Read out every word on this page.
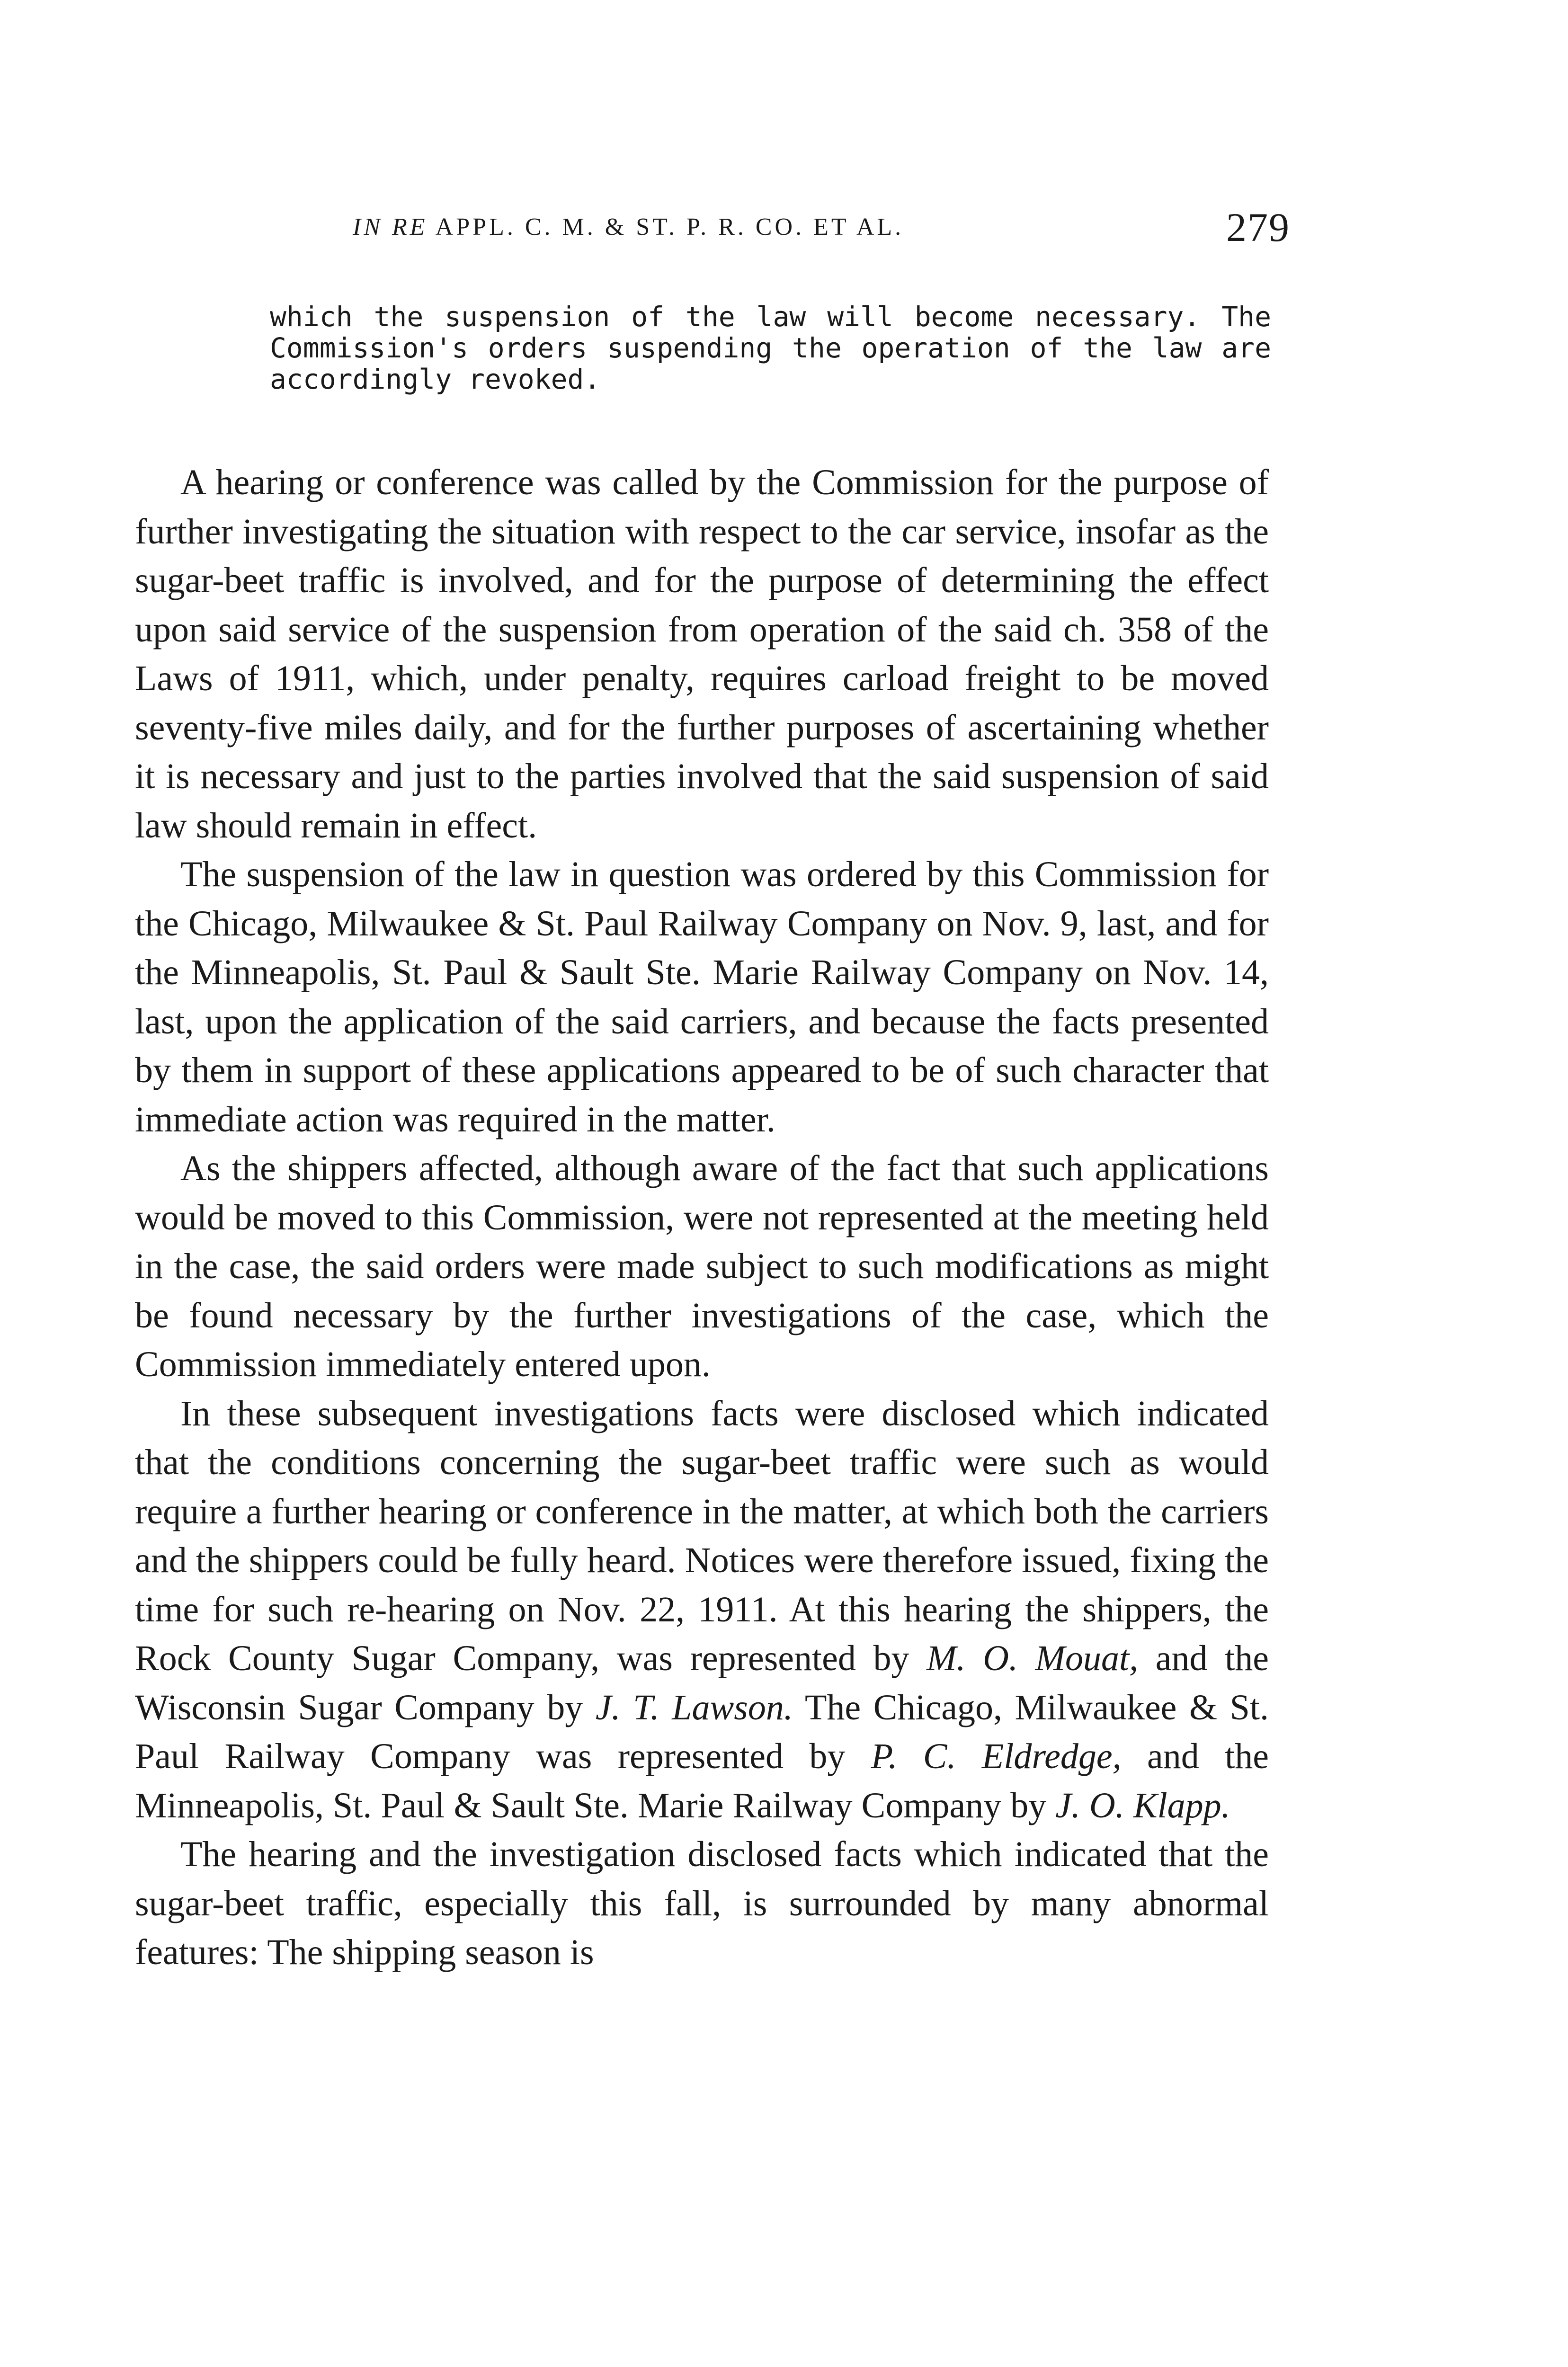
IN RE APPL. C. M. & ST. P. R. CO. ET AL.	279

which the suspension of the law will become necessary. The Commission's orders suspending the operation of the law are accordingly revoked.

A hearing or conference was called by the Commission for the purpose of further investigating the situation with respect to the car service, insofar as the sugar-beet traffic is involved, and for the purpose of determining the effect upon said service of the suspension from operation of the said ch. 358 of the Laws of 1911, which, under penalty, requires carload freight to be moved seventy-five miles daily, and for the further purposes of ascertaining whether it is necessary and just to the parties involved that the said suspension of said law should remain in effect.

The suspension of the law in question was ordered by this Commission for the Chicago, Milwaukee & St. Paul Railway Company on Nov. 9, last, and for the Minneapolis, St. Paul & Sault Ste. Marie Railway Company on Nov. 14, last, upon the application of the said carriers, and because the facts presented by them in support of these applications appeared to be of such character that immediate action was required in the matter.

As the shippers affected, although aware of the fact that such applications would be moved to this Commission, were not represented at the meeting held in the case, the said orders were made subject to such modifications as might be found necessary by the further investigations of the case, which the Commission immediately entered upon.

In these subsequent investigations facts were disclosed which indicated that the conditions concerning the sugar-beet traffic were such as would require a further hearing or conference in the matter, at which both the carriers and the shippers could be fully heard. Notices were therefore issued, fixing the time for such re-hearing on Nov. 22, 1911. At this hearing the shippers, the Rock County Sugar Company, was represented by M. O. Mouat, and the Wisconsin Sugar Company by J. T. Lawson. The Chicago, Milwaukee & St. Paul Railway Company was represented by P. C. Eldredge, and the Minneapolis, St. Paul & Sault Ste. Marie Railway Company by J. O. Klapp.

The hearing and the investigation disclosed facts which indicated that the sugar-beet traffic, especially this fall, is surrounded by many abnormal features: The shipping season is
